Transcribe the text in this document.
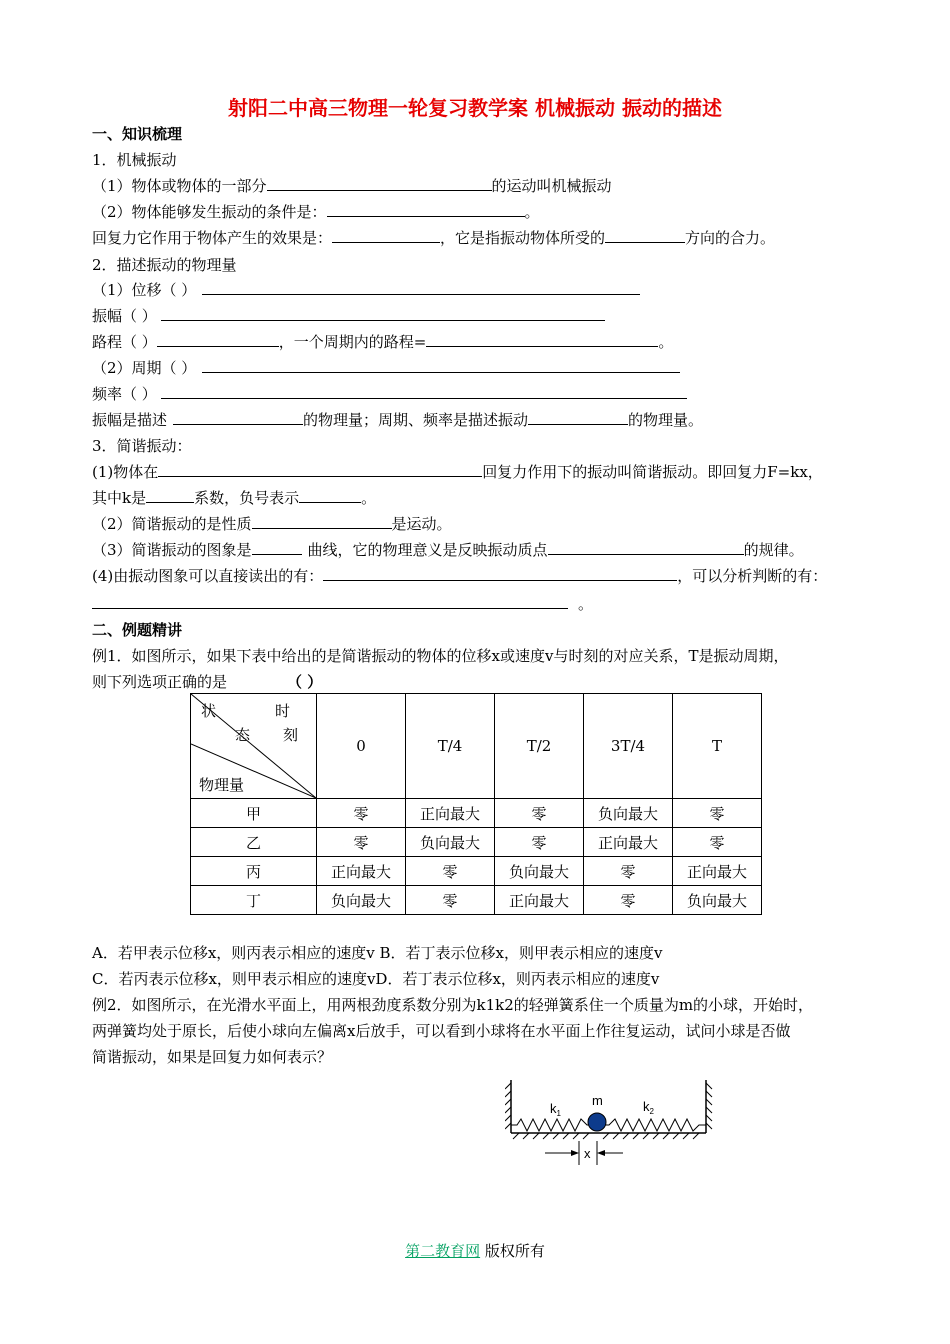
射阳二中高三物理一轮复习教学案 机械振动 振动的描述
一、知识梳理
1．机械振动
（1）物体或物体的一部分	的运动叫机械振动
（2）物体能够发生振动的条件是：	。
回复力它作用于物体产生的效果是：	，它是指振动物体所受的	方向的合力。
2．描述振动的物理量
（1）位移（ ）
振幅（ ）
路程（ ）	，一个周期内的路程=	。
（2）周期（ ）
频率（ ）
振幅是描述	的物理量；周期、频率是描述振动	的物理量。
3．简谐振动：
(1)物体在	回复力作用下的振动叫简谐振动。即回复力F=kx，
其中k是	系数，负号表示	。
（2）简谐振动的是性质	是运动。
（3）简谐振动的图象是	曲线，它的物理意义是反映振动质点	的规律。
(4)由振动图象可以直接读出的有：	，可以分析判断的有：
。
二、例题精讲
例1．如图所示，如果下表中给出的是简谐振动的物体的位移x或速度v与时刻的对应关系，T是振动周期，
则下列选项正确的是	（ ）
状 时
态 刻
物理量	0	T/4	T/2	3T/4	T
甲	零	正向最大	零	负向最大	零
乙	零	负向最大	零	正向最大	零
丙	正向最大	零	负向最大	零	正向最大
丁	负向最大	零	正向最大	零	负向最大
A．若甲表示位移x，则丙表示相应的速度v B．若丁表示位移x，则甲表示相应的速度v
C．若丙表示位移x，则甲表示相应的速度vD．若丁表示位移x，则丙表示相应的速度v
例2．如图所示，在光滑水平面上，用两根劲度系数分别为k1k2的轻弹簧系住一个质量为m的小球，开始时，
两弹簧均处于原长，后使小球向左偏离x后放手，可以看到小球将在水平面上作往复运动，试问小球是否做
简谐振动，如果是回复力如何表示？
$k_1$
m	$k_2$
x
第二教育网 版权所有
